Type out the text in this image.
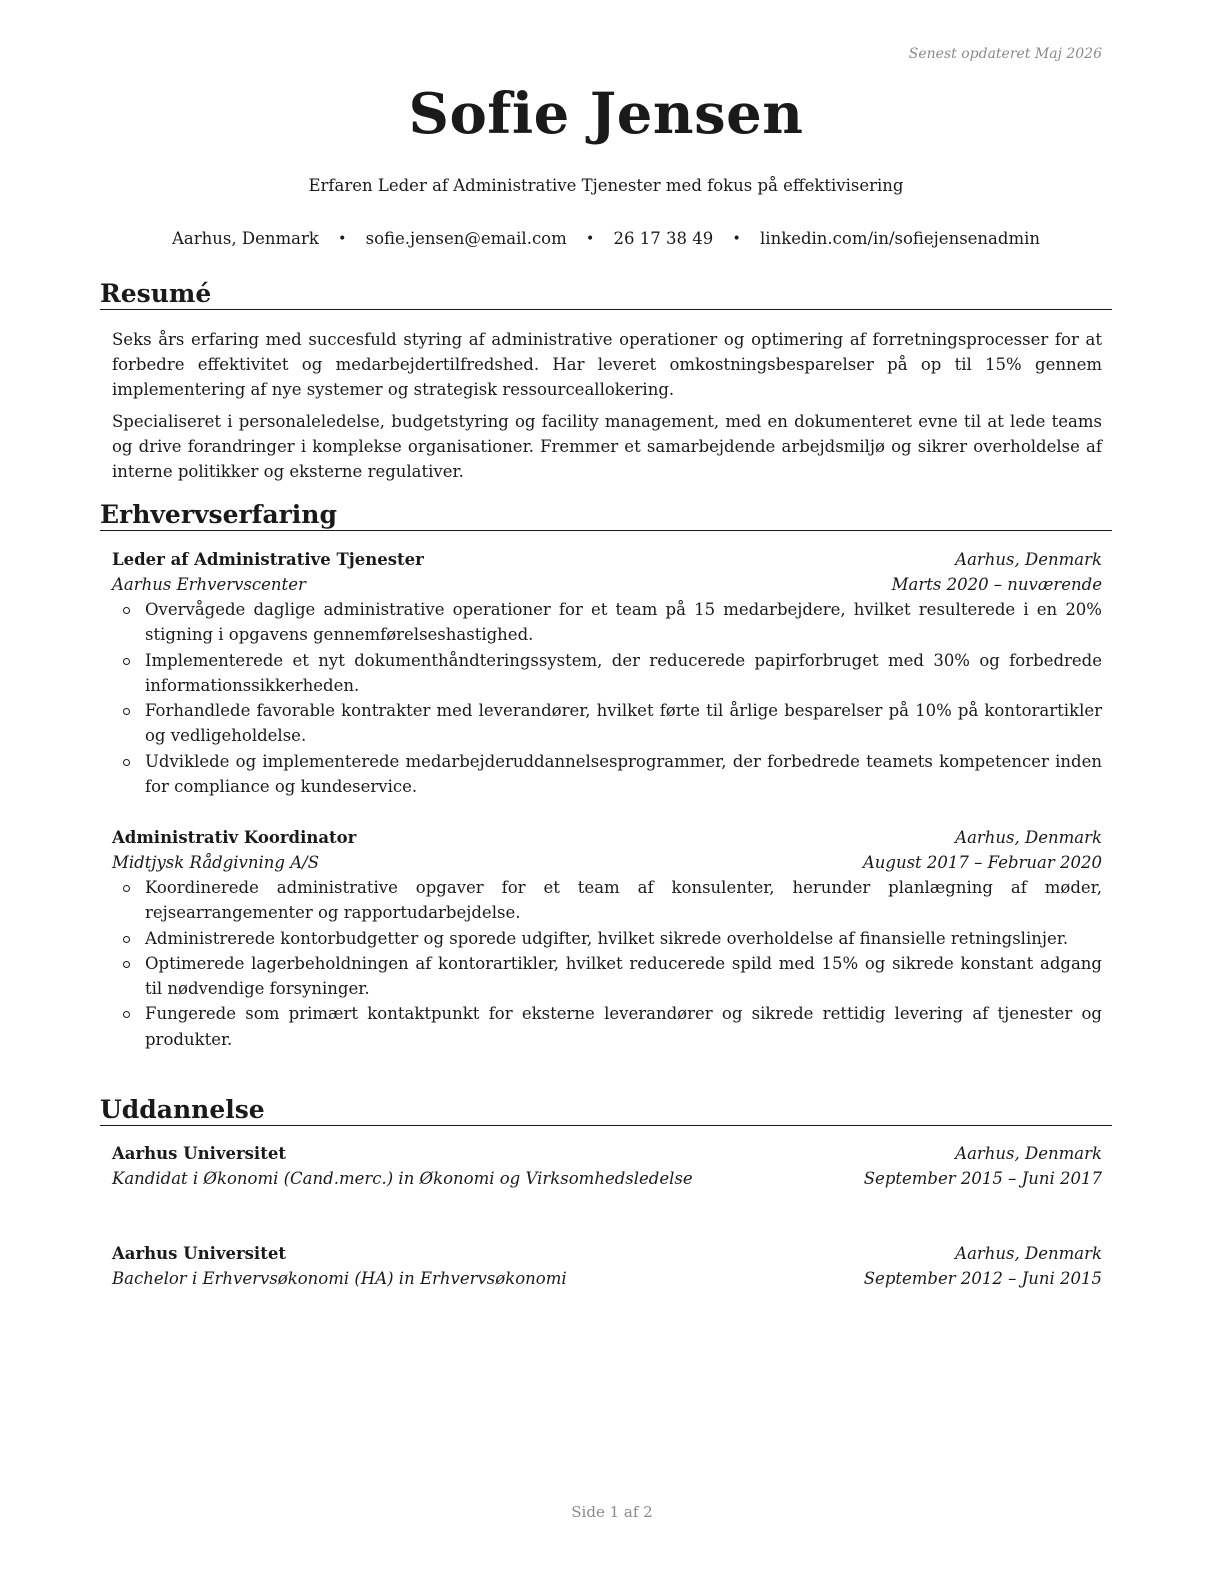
Senest opdateret Maj 2026
Sofie Jensen
Erfaren Leder af Administrative Tjenester med fokus på effektivisering
Aarhus, Denmark • sofie.jensen@email.com • 26 17 38 49 • linkedin.com/in/sofiejensenadmin
Resumé
Seks års erfaring med succesfuld styring af administrative operationer og optimering af forretningsprocesser for at forbedre effektivitet og medarbejdertilfredshed. Har leveret omkostningsbesparelser på op til 15% gennem implementering af nye systemer og strategisk ressourceallokering.
Specialiseret i personaleledelse, budgetstyring og facility management, med en dokumenteret evne til at lede teams og drive forandringer i komplekse organisationer. Fremmer et samarbejdende arbejdsmiljø og sikrer overholdelse af interne politikker og eksterne regulativer.
Erhvervserfaring
Leder af Administrative Tjenester	Aarhus, Denmark
Aarhus Erhvervscenter	Marts 2020 – nuværende
Overvågede daglige administrative operationer for et team på 15 medarbejdere, hvilket resulterede i en 20% stigning i opgavens gennemførelseshastighed.
Implementerede et nyt dokumenthåndteringssystem, der reducerede papirforbruget med 30% og forbedrede informationssikkerheden.
Forhandlede favorable kontrakter med leverandører, hvilket førte til årlige besparelser på 10% på kontorartikler og vedligeholdelse.
Udviklede og implementerede medarbejderuddannelsesprogrammer, der forbedrede teamets kompetencer inden for compliance og kundeservice.
Administrativ Koordinator	Aarhus, Denmark
Midtjysk Rådgivning A/S	August 2017 – Februar 2020
Koordinerede administrative opgaver for et team af konsulenter, herunder planlægning af møder, rejsearrangementer og rapportudarbejdelse.
Administrerede kontorbudgetter og sporede udgifter, hvilket sikrede overholdelse af finansielle retningslinjer.
Optimerede lagerbeholdningen af kontorartikler, hvilket reducerede spild med 15% og sikrede konstant adgang til nødvendige forsyninger.
Fungerede som primært kontaktpunkt for eksterne leverandører og sikrede rettidig levering af tjenester og produkter.
Uddannelse
Aarhus Universitet	Aarhus, Denmark
Kandidat i Økonomi (Cand.merc.) in Økonomi og Virksomhedsledelse	September 2015 – Juni 2017
Aarhus Universitet	Aarhus, Denmark
Bachelor i Erhvervsøkonomi (HA) in Erhvervsøkonomi	September 2012 – Juni 2015
Side 1 af 2
